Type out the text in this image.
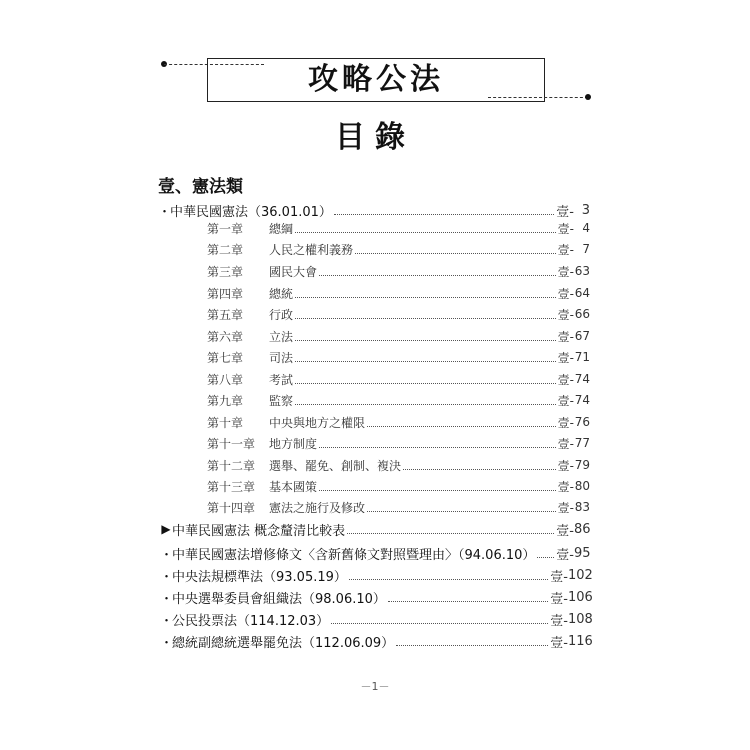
攻略公法
目錄
壹、憲法類
・
中華民國憲法（36.01.01）	壹- 3
第一章	總綱	壹- 4
第二章	人民之權利義務	壹- 7
第三章	國民大會	壹- 63
第四章	總統	壹- 64
第五章	行政	壹- 66
第六章	立法	壹- 67
第七章	司法	壹- 71
第八章	考試	壹- 74
第九章	監察	壹- 74
第十章	中央與地方之權限	壹- 76
第十一章	地方制度	壹- 77
第十二章	選舉、罷免、創制、複決	壹- 79
第十三章	基本國策	壹- 80
第十四章	憲法之施行及修改	壹- 83
▶ 中華民國憲法 概念釐清比較表	壹- 86
・
中華民國憲法增修條文〈含新舊條文對照暨理由〉（94.06.10） 壹- 95
・
中央法規標準法（93.05.19）	壹- 102
・
中央選舉委員會組織法（98.06.10）	壹- 106
・
公民投票法（114.12.03）	壹- 108
・
總統副總統選舉罷免法（112.06.09）	壹- 116
－1－
